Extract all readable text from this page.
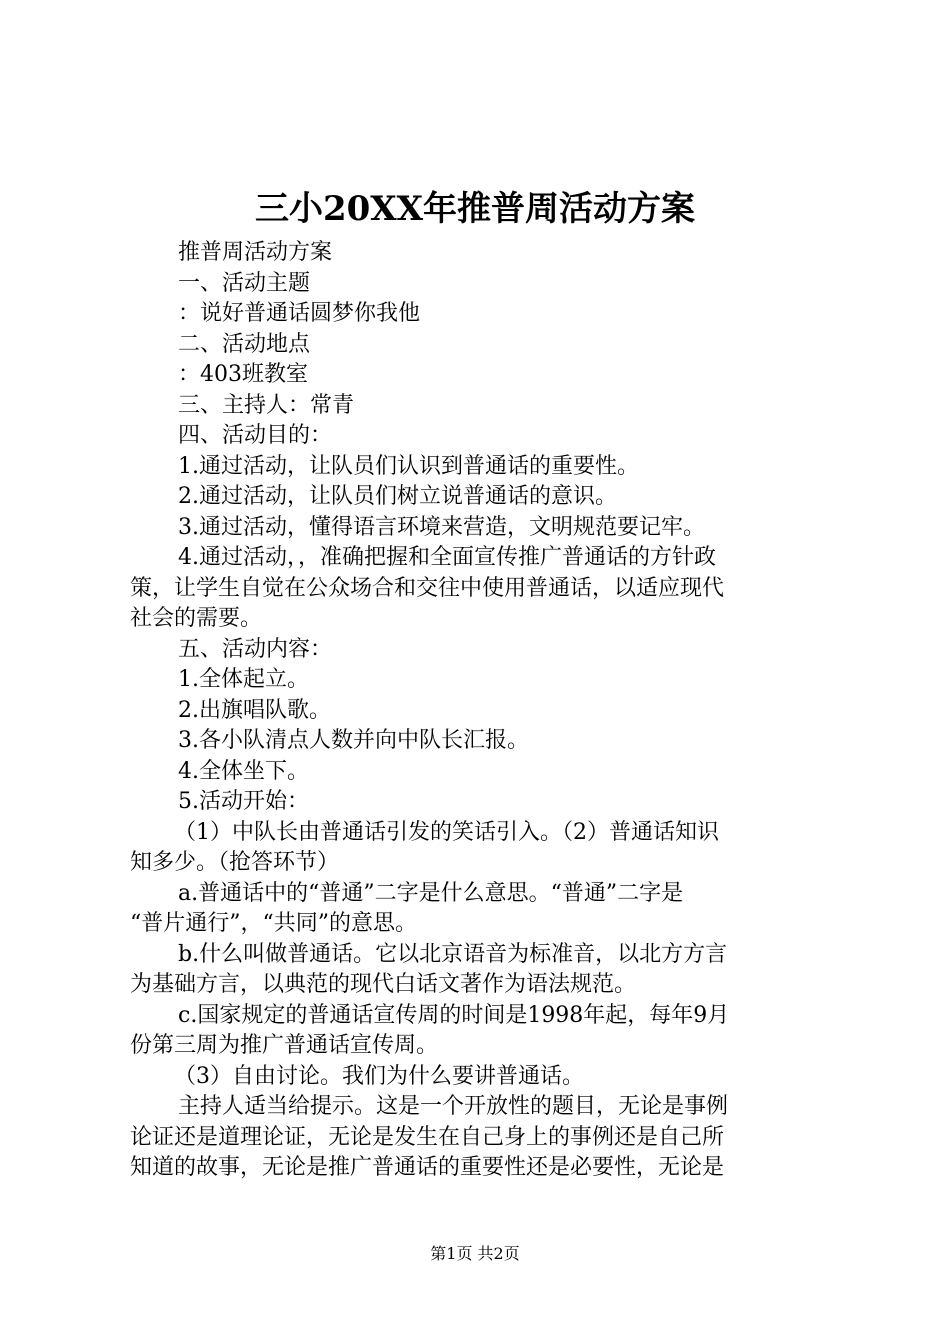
三小20XX年推普周活动方案

推普周活动方案

一、活动主题

：说好普通话圆梦你我他

二、活动地点

：403班教室

三、主持人：常青

四、活动目的：

1.通过活动，让队员们认识到普通话的重要性。

2.通过活动，让队员们树立说普通话的意识。

3.通过活动，懂得语言环境来营造，文明规范要记牢。

4.通过活动，，准确把握和全面宣传推广普通话的方针政

策，让学生自觉在公众场合和交往中使用普通话，以适应现代

社会的需要。

五、活动内容：

1.全体起立。

2.出旗唱队歌。

3.各小队清点人数并向中队长汇报。

4.全体坐下。

5.活动开始：

（1）中队长由普通话引发的笑话引入。（2）普通话知识

知多少。（抢答环节）

a.普通话中的“普通”二字是什么意思。“普通”二字是

“普片通行”，“共同”的意思。

b.什么叫做普通话。它以北京语音为标准音，以北方方言

为基础方言，以典范的现代白话文著作为语法规范。

c.国家规定的普通话宣传周的时间是1998年起，每年9月

份第三周为推广普通话宣传周。

（3）自由讨论。我们为什么要讲普通话。

主持人适当给提示。这是一个开放性的题目，无论是事例

论证还是道理论证，无论是发生在自己身上的事例还是自己所

知道的故事，无论是推广普通话的重要性还是必要性，无论是

第1页 共2页
